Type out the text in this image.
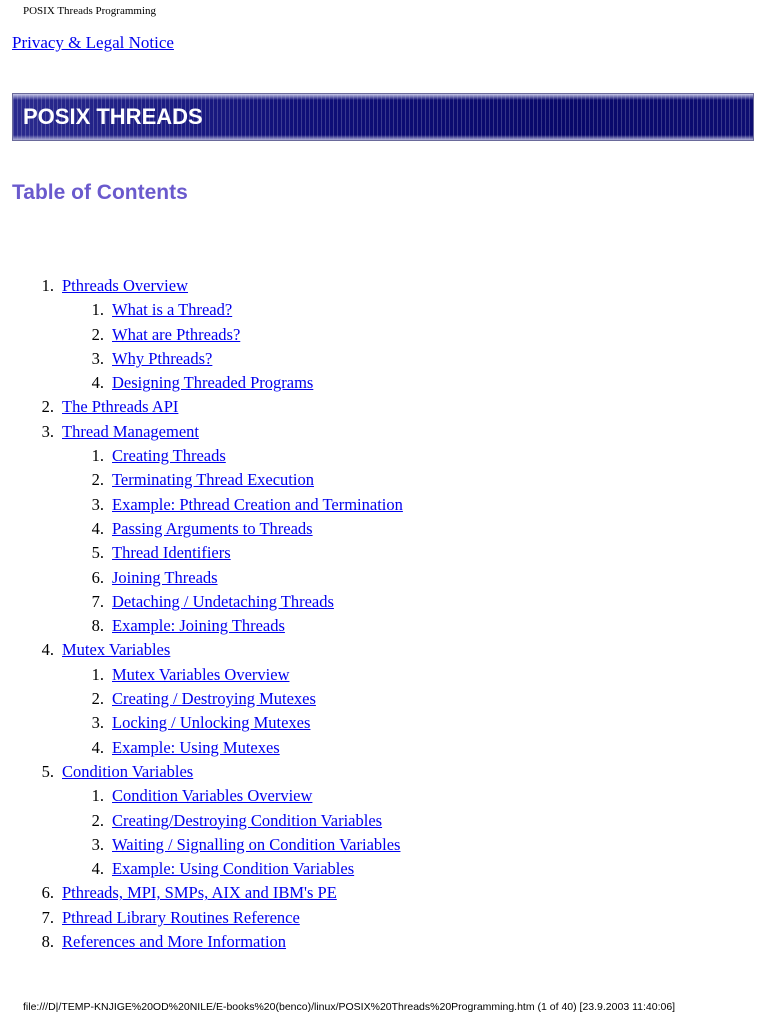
POSIX Threads Programming
Privacy & Legal Notice
POSIX THREADS
Table of Contents
1. Pthreads Overview
1. What is a Thread?
2. What are Pthreads?
3. Why Pthreads?
4. Designing Threaded Programs
2. The Pthreads API
3. Thread Management
1. Creating Threads
2. Terminating Thread Execution
3. Example: Pthread Creation and Termination
4. Passing Arguments to Threads
5. Thread Identifiers
6. Joining Threads
7. Detaching / Undetaching Threads
8. Example: Joining Threads
4. Mutex Variables
1. Mutex Variables Overview
2. Creating / Destroying Mutexes
3. Locking / Unlocking Mutexes
4. Example: Using Mutexes
5. Condition Variables
1. Condition Variables Overview
2. Creating/Destroying Condition Variables
3. Waiting / Signalling on Condition Variables
4. Example: Using Condition Variables
6. Pthreads, MPI, SMPs, AIX and IBM's PE
7. Pthread Library Routines Reference
8. References and More Information
file:///D|/TEMP-KNJIGE%20OD%20NILE/E-books%20(benco)/linux/POSIX%20Threads%20Programming.htm (1 of 40) [23.9.2003 11:40:06]
